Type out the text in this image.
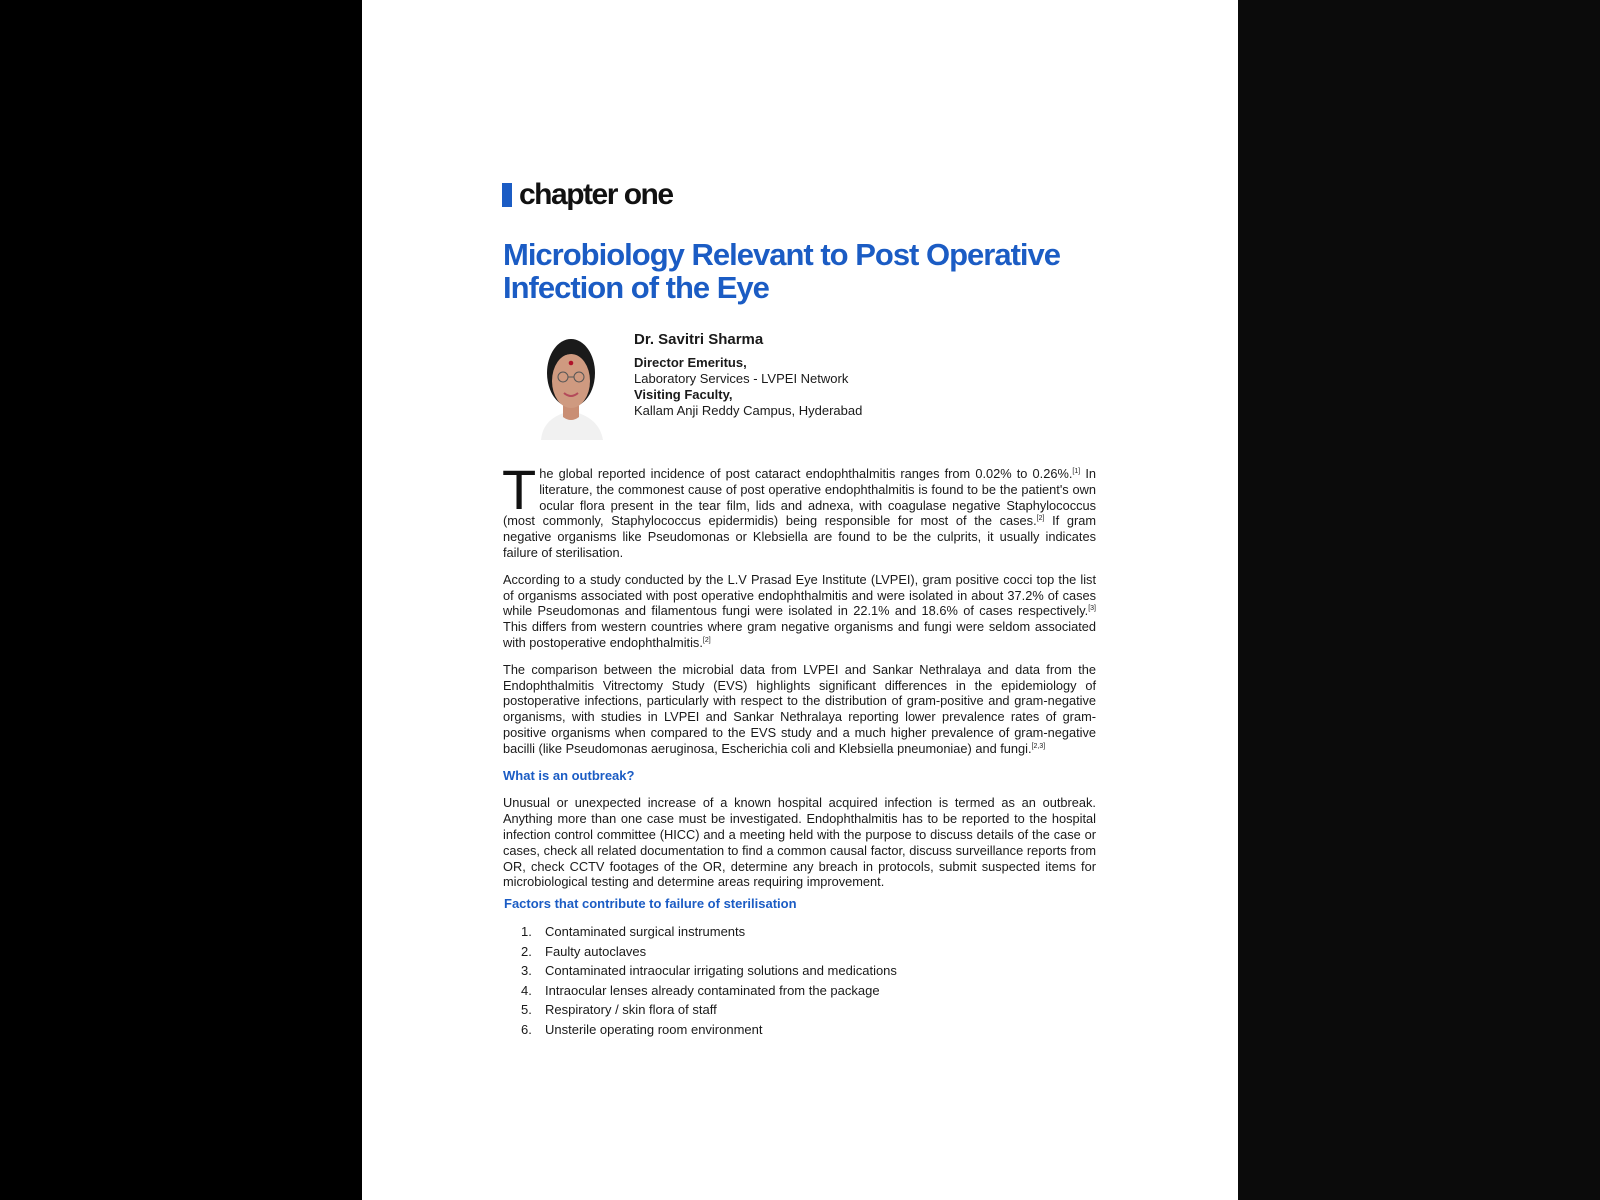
chapter one
Microbiology Relevant to Post Operative Infection of the Eye
Dr. Savitri Sharma
Director Emeritus,
Laboratory Services - LVPEI Network
Visiting Faculty,
Kallam Anji Reddy Campus, Hyderabad

The global reported incidence of post cataract endophthalmitis ranges from 0.02% to 0.26%.[1] In literature, the commonest cause of post operative endophthalmitis is found to be the patient's own ocular flora present in the tear film, lids and adnexa, with coagulase negative Staphylococcus (most commonly, Staphylococcus epidermidis) being responsible for most of the cases.[2] If gram negative organisms like Pseudomonas or Klebsiella are found to be the culprits, it usually indicates failure of sterilisation.

According to a study conducted by the L.V Prasad Eye Institute (LVPEI), gram positive cocci top the list of organisms associated with post operative endophthalmitis and were isolated in about 37.2% of cases while Pseudomonas and filamentous fungi were isolated in 22.1% and 18.6% of cases respectively.[3] This differs from western countries where gram negative organisms and fungi were seldom associated with postoperative endophthalmitis.[2]

The comparison between the microbial data from LVPEI and Sankar Nethralaya and data from the Endophthalmitis Vitrectomy Study (EVS) highlights significant differences in the epidemiology of postoperative infections, particularly with respect to the distribution of gram-positive and gram-negative organisms, with studies in LVPEI and Sankar Nethralaya reporting lower prevalence rates of gram-positive organisms when compared to the EVS study and a much higher prevalence of gram-negative bacilli (like Pseudomonas aeruginosa, Escherichia coli and Klebsiella pneumoniae) and fungi.[2,3]

What is an outbreak?

Unusual or unexpected increase of a known hospital acquired infection is termed as an outbreak. Anything more than one case must be investigated. Endophthalmitis has to be reported to the hospital infection control committee (HICC) and a meeting held with the purpose to discuss details of the case or cases, check all related documentation to find a common causal factor, discuss surveillance reports from OR, check CCTV footages of the OR, determine any breach in protocols, submit suspected items for microbiological testing and determine areas requiring improvement.

Factors that contribute to failure of sterilisation

1.	Contaminated surgical instruments
2.	Faulty autoclaves
3.	Contaminated intraocular irrigating solutions and medications
4.	Intraocular lenses already contaminated from the package
5.	Respiratory / skin flora of staff
6.	Unsterile operating room environment
